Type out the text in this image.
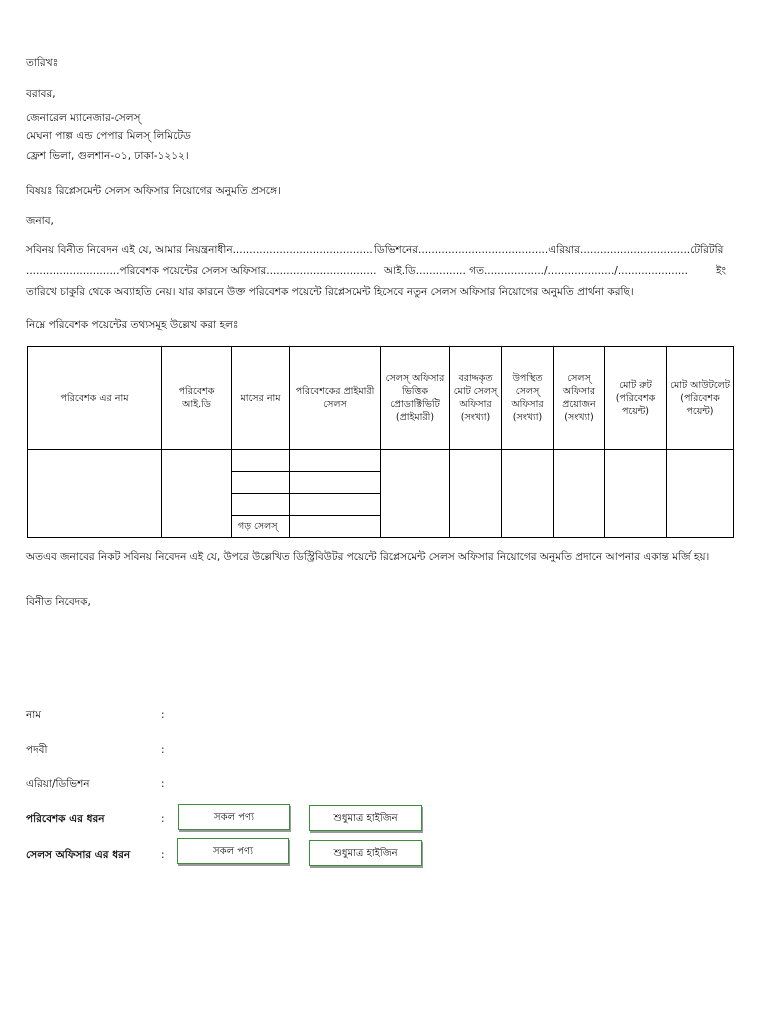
তারিখঃ
বরাবর,
জেনারেল ম্যানেজার-সেলস্‌
মেঘনা পাল্প এন্ড পেপার মিলস্‌ লিমিটেড
ফ্রেশ ভিলা, গুলশান-০১, ঢাকা-১২১২।
বিষয়ঃ রিপ্লেসমেন্ট সেলস অফিসার নিয়োগের অনুমতি প্রসঙ্গে।
জনাব,
সবিনয় বিনীত নিবেদন এই যে, আমার নিয়ন্ত্রনাধীন.......................................... ডিভিশনের.......................................এরিয়ার.................................টেরিটরি
............................পরিবেশক পয়েন্টের সেলস অফিসার................................. আই.ডি............... গত................../..................../.....................	ইং
তারিখে চাকুরি থেকে অব্যাহতি নেয়। যার কারনে উক্ত পরিবেশক পয়েন্টে রিপ্লেসমেন্ট হিসেবে নতুন সেলস অফিসার নিয়োগের অনুমতি প্রার্থনা করছি।
নিম্নে পরিবেশক পয়েন্টের তথ্যসমূহ উল্লেখ করা হলঃ
পরিবেশক এর নাম	পরিবেশক আই.ডি	মাসের নাম	পরিবেশকের প্রাইমারী সেলস	সেলস্‌ অফিসার ভিত্তিক প্রোডাক্টিভিটি (প্রাইমারী)	বরাদ্দকৃত মোট সেলস্‌ অফিসার (সংখ্যা)	উপস্থিত সেলস্‌ অফিসার (সংখ্যা)	সেলস্‌ অফিসার প্রয়োজন (সংখ্যা)	মোট রুট (পরিবেশক পয়েন্ট)	মোট আউটলেট (পরিবেশক পয়েন্ট)

		গড় সেলস্‌							
অতএব জনাবের নিকট সবিনয় নিবেদন এই যে, উপরে উল্লেখিত ডিস্ট্রিবিউটর পয়েন্টে রিপ্লেসমেন্ট সেলস অফিসার নিয়োগের অনুমতি প্রদানে আপনার একান্ত মর্জি হয়।
বিনীত নিবেদক,
নাম	:
পদবী	:
এরিয়া/ডিভিশন	:
পরিবেশক এর ধরন	:	সকল পণ্য	শুধুমাত্র হাইজিন
সেলস অফিসার এর ধরন	:	সকল পণ্য	শুধুমাত্র হাইজিন
